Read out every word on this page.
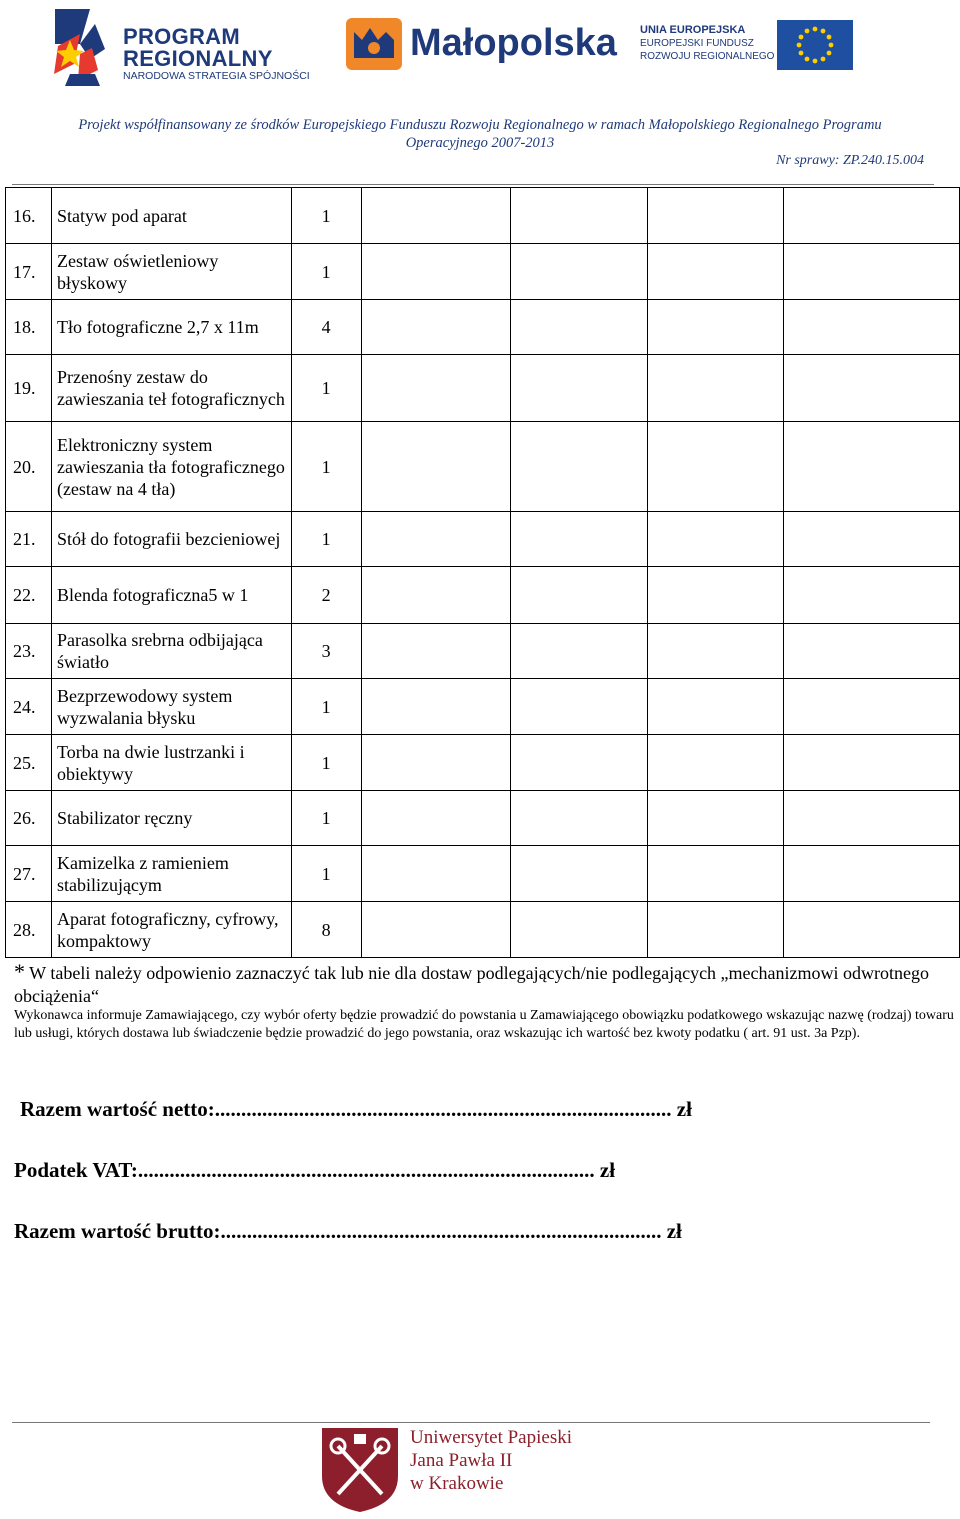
PROGRAM
REGIONALNY
NARODOWA STRATEGIA SPÓJNOŚCI
Małopolska UNIA EUROPEJSKA
EUROPEJSKI FUNDUSZ
ROZWOJU REGIONALNEGO
Projekt współfinansowany ze środków Europejskiego Funduszu Rozwoju Regionalnego w ramach Małopolskiego Regionalnego Programu
Operacyjnego 2007-2013
Nr sprawy: ZP.240.15.004
16.	Statyw pod aparat	1				
17.	Zestaw oświetleniowy błyskowy	1				
18.	Tło fotograficzne 2,7 x 11m	4				
19.	Przenośny zestaw do zawieszania teł fotograficznych	1				
20.	Elektroniczny system zawieszania tła fotograficznego (zestaw na 4 tła)	1				
21.	Stół do fotografii bezcieniowej	1				
22.	Blenda fotograficzna5 w 1	2				
23.	Parasolka srebrna odbijająca światło	3				
24.	Bezprzewodowy system wyzwalania błysku	1				
25.	Torba na dwie lustrzanki i obiektywy	1				
26.	Stabilizator ręczny	1				
27.	Kamizelka z ramieniem stabilizującym	1				
28.	Aparat fotograficzny, cyfrowy, kompaktowy	8				
* W tabeli należy odpowienio zaznaczyć tak lub nie dla dostaw podlegających/nie podlegających „mechanizmowi odwrotnego obciążenia“
Wykonawca informuje Zamawiającego, czy wybór oferty będzie prowadzić do powstania u Zamawiającego obowiązku podatkowego wskazując nazwę (rodzaj) towaru lub usługi, których dostawa lub świadczenie będzie prowadzić do jego powstania, oraz wskazując ich wartość bez kwoty podatku ( art. 91 ust. 3a Pzp).
Razem wartość netto:....................................................................................... zł
Podatek VAT:....................................................................................... zł
Razem wartość brutto:.................................................................................... zł
Uniwersytet Papieski
Jana Pawła II
w Krakowie
